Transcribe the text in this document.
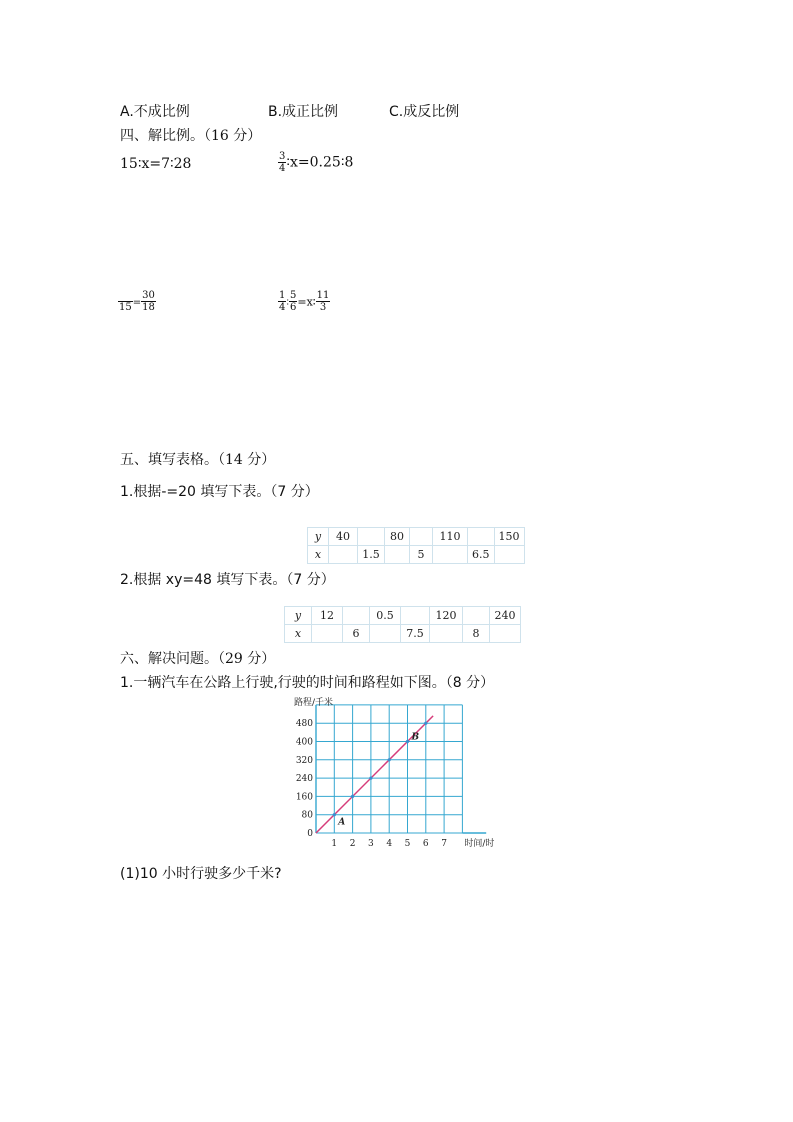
A.不成比例	B.成正比例	C.成反比例
四、解比例。（16 分）
15∶x=7∶28	$\frac{3}{4}$ ∶x=0.25∶8
$15 = \frac{30}{18}$	$\frac{1}{4}$ ∶ $\frac{5}{6}$ =x∶ $\frac{11}{3}$
五、填写表格。（14 分）
1.根据-=20 填写下表。（7 分）
y	40		80		110		150
x		1.5		5		6.5	
2.根据 xy=48 填写下表。（7 分）
y	12		0.5		120		240
x		6		7.5		8	
六、解决问题。（29 分）
1.一辆汽车在公路上行驶,行驶的时间和路程如下图。（8 分）
1 2 3 4 5 6 7
80
160
240
320
400
480
0
路程/千米
时间/时
A
B
(1)10 小时行驶多少千米?
